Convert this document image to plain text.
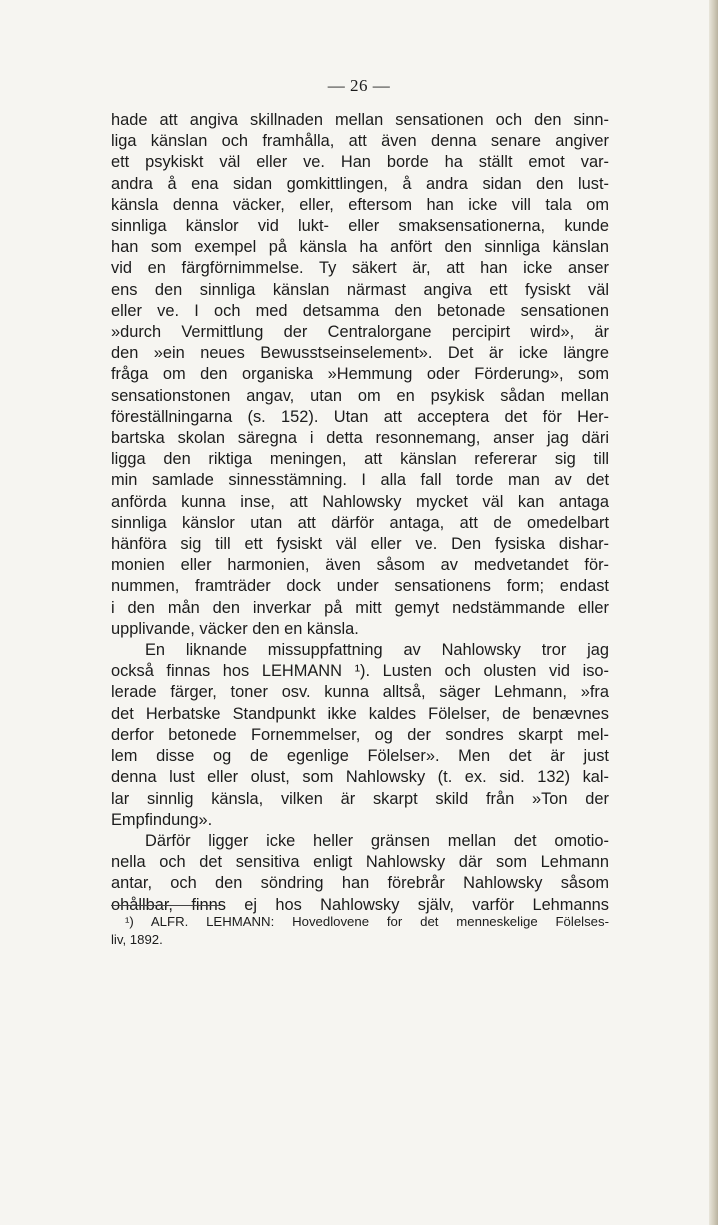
— 26 —
hade att angiva skillnaden mellan sensationen och den sinn-
liga känslan och framhålla, att även denna senare angiver
ett psykiskt väl eller ve. Han borde ha ställt emot var-
andra å ena sidan gomkittlingen, å andra sidan den lust-
känsla denna väcker, eller, eftersom han icke vill tala om
sinnliga känslor vid lukt- eller smaksensationerna, kunde
han som exempel på känsla ha anfört den sinnliga känslan
vid en färgförnimmelse. Ty säkert är, att han icke anser
ens den sinnliga känslan närmast angiva ett fysiskt väl
eller ve. I och med detsamma den betonade sensationen
»durch Vermittlung der Centralorgane percipirt wird», är
den »ein neues Bewusstseinselement». Det är icke längre
fråga om den organiska »Hemmung oder Förderung», som
sensationstonen angav, utan om en psykisk sådan mellan
föreställningarna (s. 152). Utan att acceptera det för Her-
bartska skolan säregna i detta resonnemang, anser jag däri
ligga den riktiga meningen, att känslan refererar sig till
min samlade sinnesstämning. I alla fall torde man av det
anförda kunna inse, att Nahlowsky mycket väl kan antaga
sinnliga känslor utan att därför antaga, att de omedelbart
hänföra sig till ett fysiskt väl eller ve. Den fysiska dishar-
monien eller harmonien, även såsom av medvetandet för-
nummen, framträder dock under sensationens form; endast
i den mån den inverkar på mitt gemyt nedstämmande eller
upplivande, väcker den en känsla.
En liknande missuppfattning av Nahlowsky tror jag
också finnas hos LEHMANN ¹). Lusten och olusten vid iso-
lerade färger, toner osv. kunna alltså, säger Lehmann, »fra
det Herbatske Standpunkt ikke kaldes Fölelser, de benævnes
derfor betonede Fornemmelser, og der sondres skarpt mel-
lem disse og de egenlige Fölelser». Men det är just
denna lust eller olust, som Nahlowsky (t. ex. sid. 132) kal-
lar sinnlig känsla, vilken är skarpt skild från »Ton der
Empfindung».
Därför ligger icke heller gränsen mellan det omotio-
nella och det sensitiva enligt Nahlowsky där som Lehmann
antar, och den söndring han förebrår Nahlowsky såsom
ohållbar, finns ej hos Nahlowsky själv, varför Lehmanns
¹) ALFR. LEHMANN: Hovedlovene for det menneskelige Fölelses-
liv, 1892.
